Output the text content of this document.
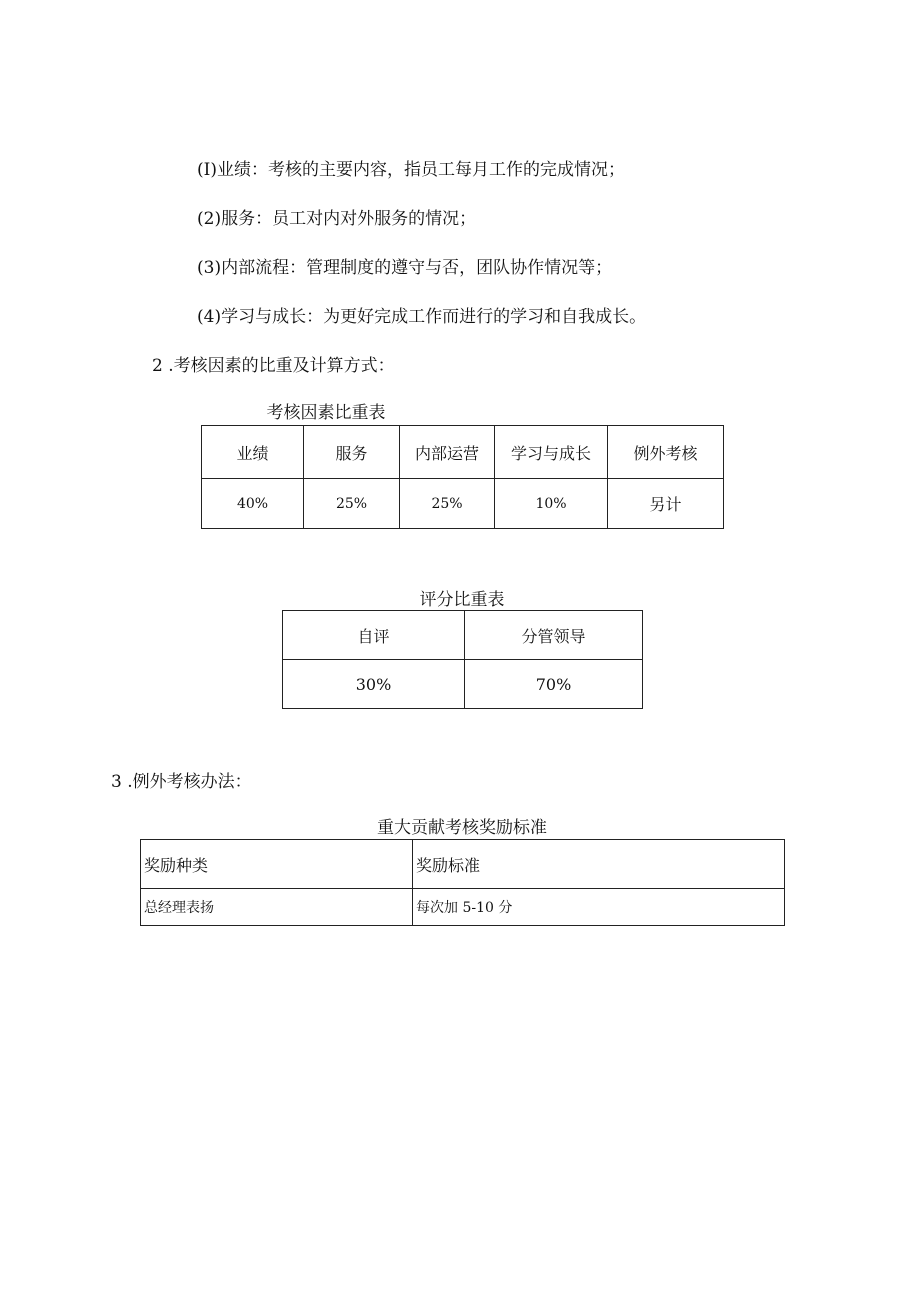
(I)业绩：考核的主要内容，指员工每月工作的完成情况；
(2)服务：员工对内对外服务的情况；
(3)内部流程：管理制度的遵守与否，团队协作情况等；
(4)学习与成长：为更好完成工作而进行的学习和自我成长。
2 .考核因素的比重及计算方式：
考核因素比重表
业绩	服务	内部运营	学习与成长	例外考核
40%	25%	25%	10%	另计
评分比重表
自评	分管领导
30%	70%
3 .例外考核办法：
重大贡献考核奖励标准
奖励种类	奖励标准
总经理表扬	每次加 5-10 分
